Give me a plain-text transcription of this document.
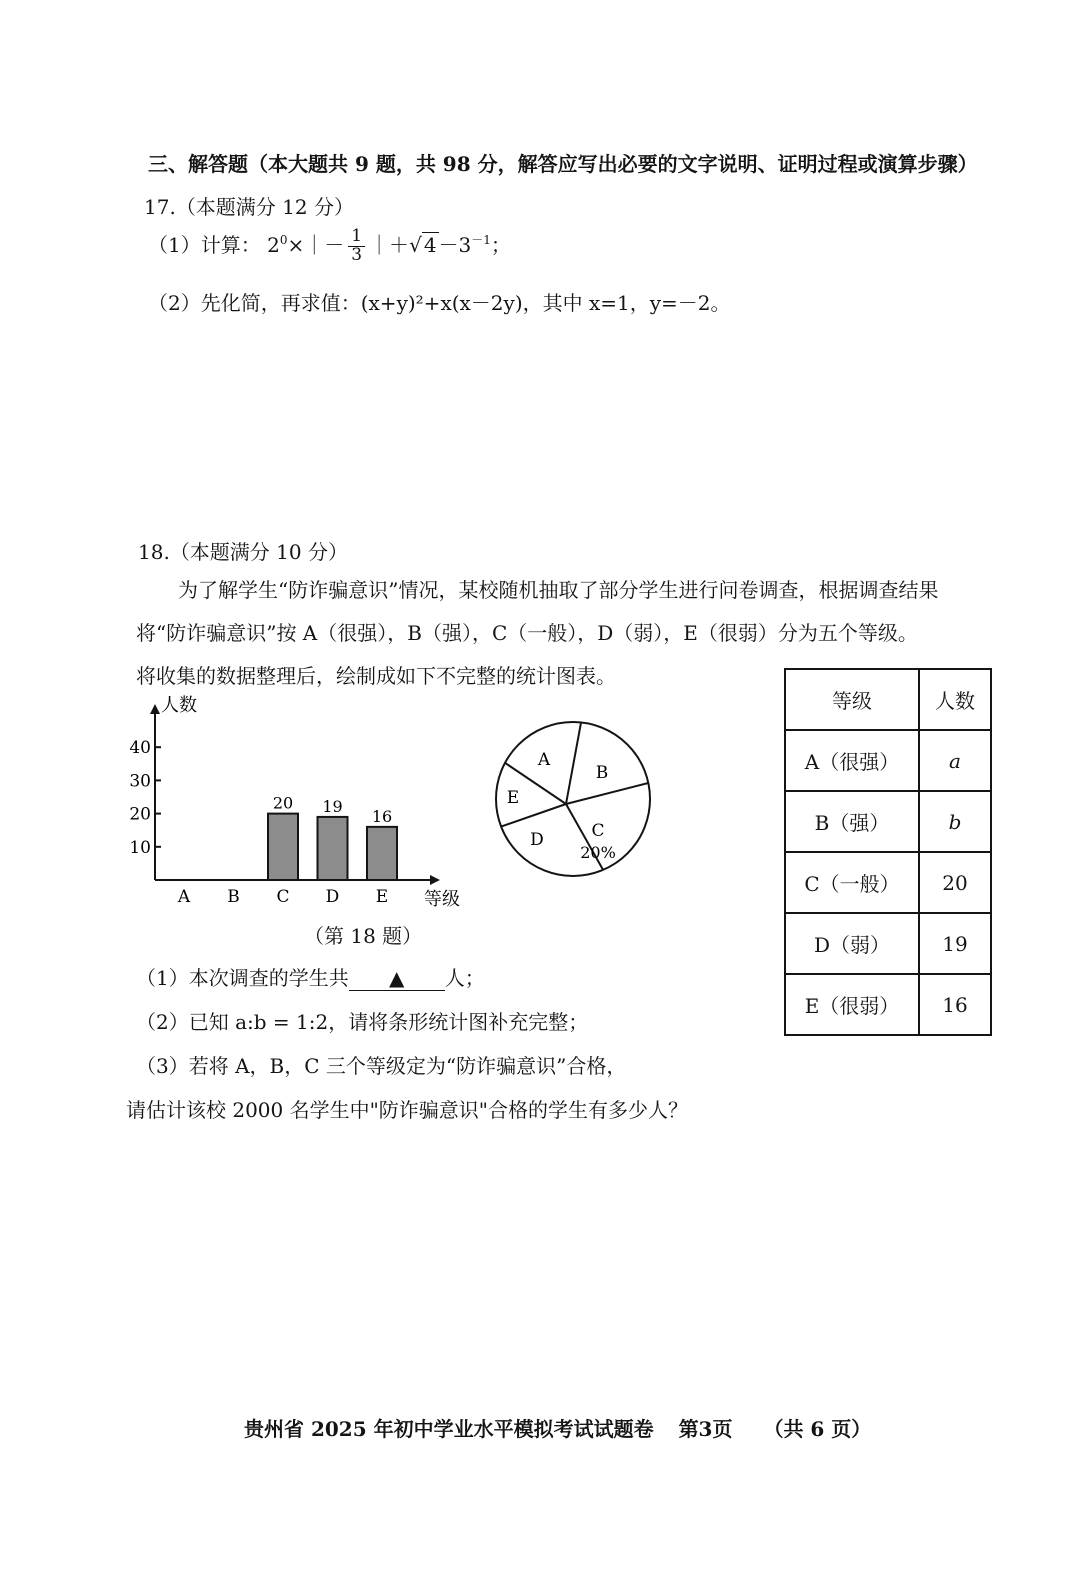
三、解答题（本大题共 9 题，共 98 分，解答应写出必要的文字说明、证明过程或演算步骤）
17.（本题满分 12 分）
（1）计算： $2^0\times|- \frac{1}{3}$ ｜＋√ $4 -3^{-1}$；
（2）先化简，再求值：(x+y)²+x(x－2y)，其中 x=1，y=－2。
18.（本题满分 10 分）
为了解学生“防诈骗意识”情况，某校随机抽取了部分学生进行问卷调查，根据调查结果
将“防诈骗意识”按 A（很强），B（强），C（一般），D（弱），E（很弱）分为五个等级。
将收集的数据整理后，绘制成如下不完整的统计图表。
人数
等级
10
20
30
40
A B C
20
D
19
E
16
A
B
C
D
E
20%
（第 18 题）
等级	人数
A（很强）	a
B（强）	b
C（一般）	20
D（弱）	19
E（很弱）	16
（1）本次调查的学生共 ▲ 人；
（2）已知 a:b = 1:2，请将条形统计图补充完整；
（3）若将 A，B，C 三个等级定为“防诈骗意识”合格，
请估计该校 2000 名学生中"防诈骗意识"合格的学生有多少人？
贵州省 2025 年初中学业水平模拟考试试题卷 第3页 （共 6 页）
